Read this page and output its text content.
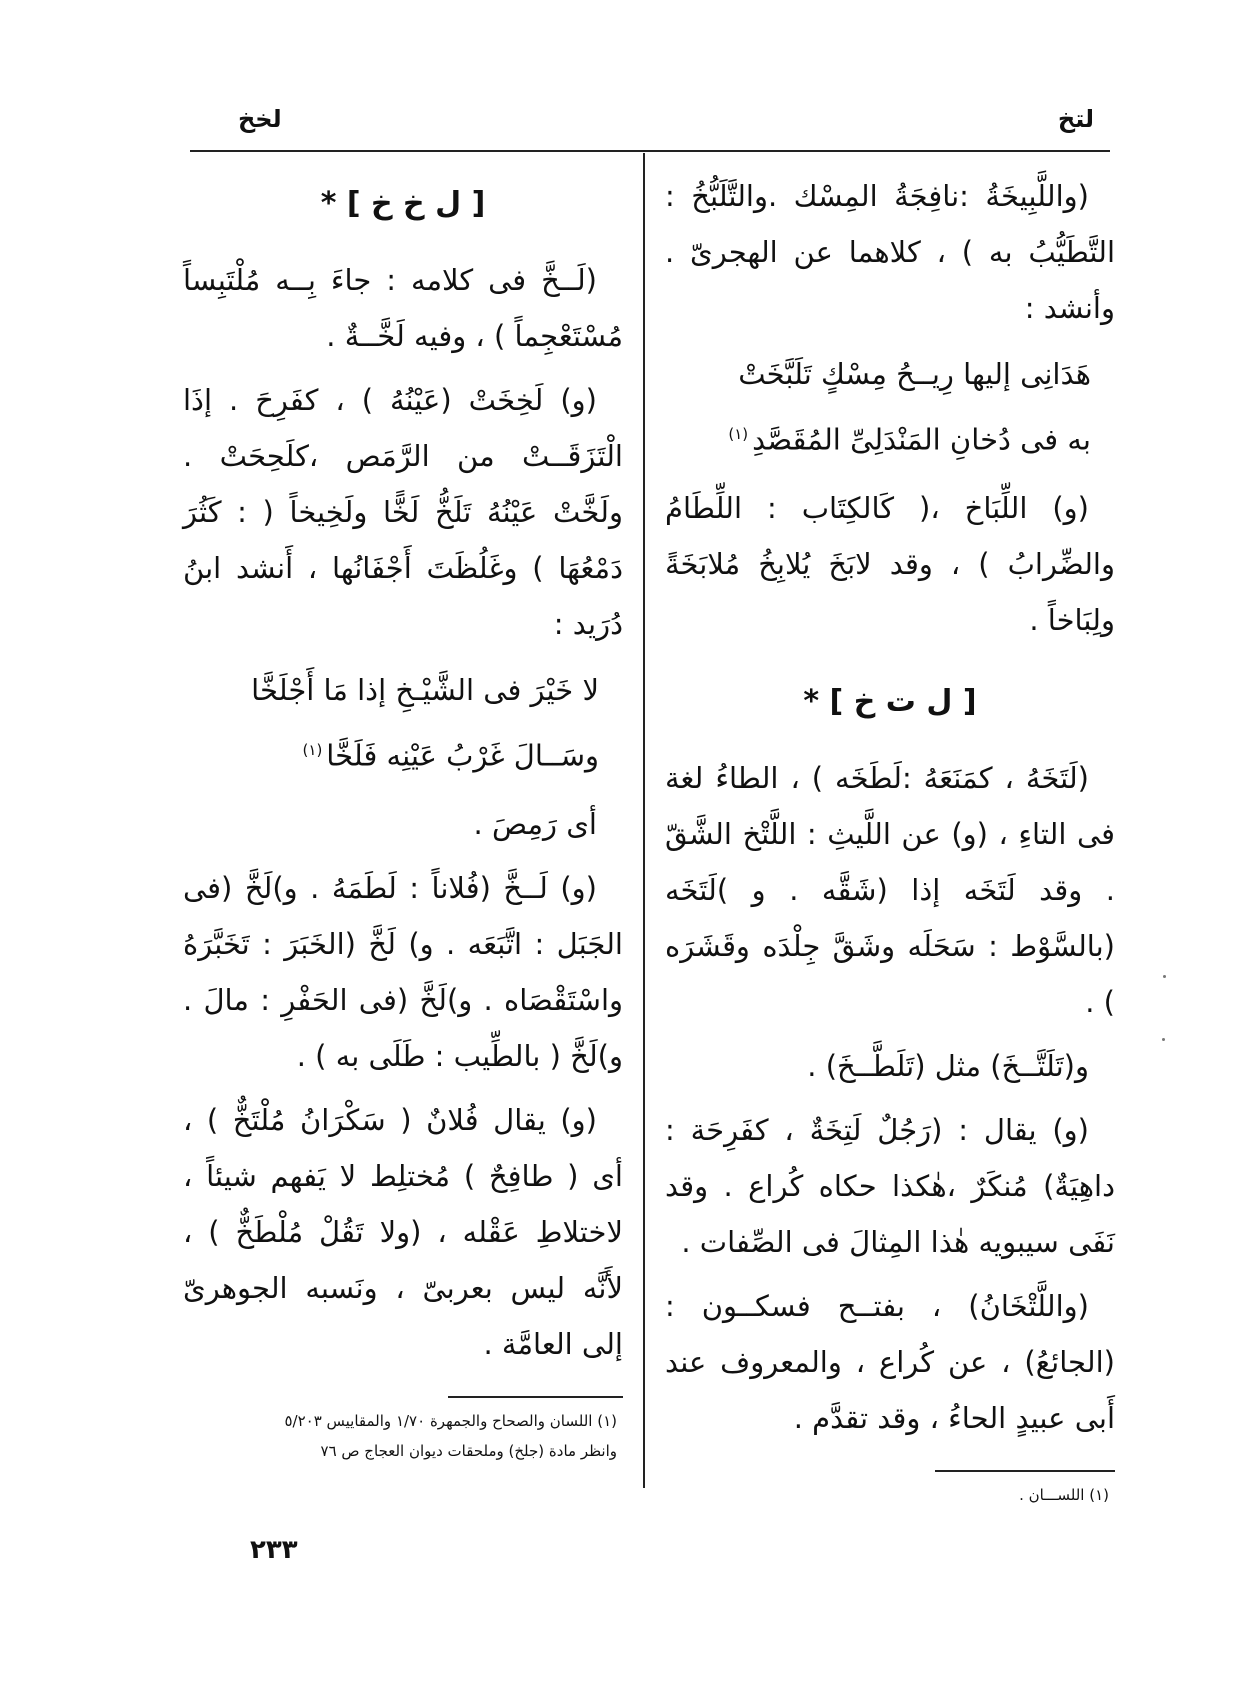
لتخ
لخخ

(واللَّبِيخَةُ :نافِجَةُ المِسْك .والتَّلَبُّخُ : التَّطَيُّبُ به ) ، كلاهما عن الهجرىّ . وأنشد :

هَدَانِى إليها رِيــحُ مِسْكٍ تَلَبَّخَتْ
به فى دُخانِ المَنْدَلِىِّ المُقَصَّدِ$^{(١)}$

(و) اللِّبَاخ ،( كَالكِتَاب : اللِّطَامُ والضِّرابُ ) ، وقد لابَخَ يُلابِخُ مُلابَخَةً ولِبَاخاً .

[ ل ت خ ] *

(لَتَخَهُ ، كمَنَعَهُ :لَطَخَه ) ، الطاءُ لغة فى التاءِ ، (و) عن اللَّيثِ : اللَّتْخ الشَّقّ . وقد لَتَخَه إذا (شَقَّه . و )لَتَخَه (بالسَّوْط : سَحَلَه وشَقَّ جِلْدَه وقَشَرَه ) .

و(تَلَتَّــخَ) مثل (تَلَطَّــخَ) .

(و) يقال : (رَجُلٌ لَتِخَةٌ ، كفَرِحَة : داهِيَةٌ) مُنكَرٌ ،هٰكذا حكاه كُراع . وقد نَفَى سيبويه هٰذا المِثالَ فى الصِّفات .

(واللَّتْخَانُ) ، بفتــح فسكــون : (الجائعُ) ، عن كُراع ، والمعروف عند أَبى عبيدٍ الحاءُ ، وقد تقدَّم .

(١) اللســـان .
[ ل خ خ ] *

(لَــخَّ فى كلامه : جاءَ بِــه مُلْتَبِساً مُسْتَعْجِماً ) ، وفيه لَخَّــةٌ .

(و) لَخِخَتْ (عَيْنُهُ ) ، كفَرِحَ . إذَا الْتَزَقَــتْ من الرَّمَص ،كلَحِحَتْ . ولَخَّتْ عَيْنُهُ تَلَخُّ لَخًّا ولَخِيخاً ( : كَثُرَ دَمْعُهَا ) وغَلُظَتَ أَجْفَانُها ، أَنشد ابنُ دُرَيد :

لا خَيْرَ فى الشَّيْـخِ إذا مَا أَجْلَخَّا
وسَــالَ غَرْبُ عَيْنِه فَلَخَّا$^{(١)}$

أى رَمِصَ .

(و) لَــخَّ (فُلاناً : لَطَمَهُ . و)لَخَّ (فى الجَبَل : اتَّبَعَه . و) لَخَّ (الخَبَرَ : تَخَبَّرَهُ واسْتَقْصَاه . و)لَخَّ (فى الحَفْرِ : مالَ . و)لَخَّ ( بالطِّيب : طَلَى به ) .

(و) يقال فُلانٌ ( سَكْرَانُ مُلْتَخٌّ ) ، أى ( طافِحٌ ) مُختلِط لا يَفهم شيئاً ، لاختلاطِ عَقْله ، (ولا تَقُلْ مُلْطَخٌّ ) ، لأَنَّه ليس بعربىّ ، ونَسبه الجوهرىّ إلى العامَّة .

(١) اللسان والصحاح والجمهرة ١/٧٠ والمقاييس ٥/٢٠٣
وانظر مادة (جلخ) وملحقات ديوان العجاج ص ٧٦
٢٣٣
